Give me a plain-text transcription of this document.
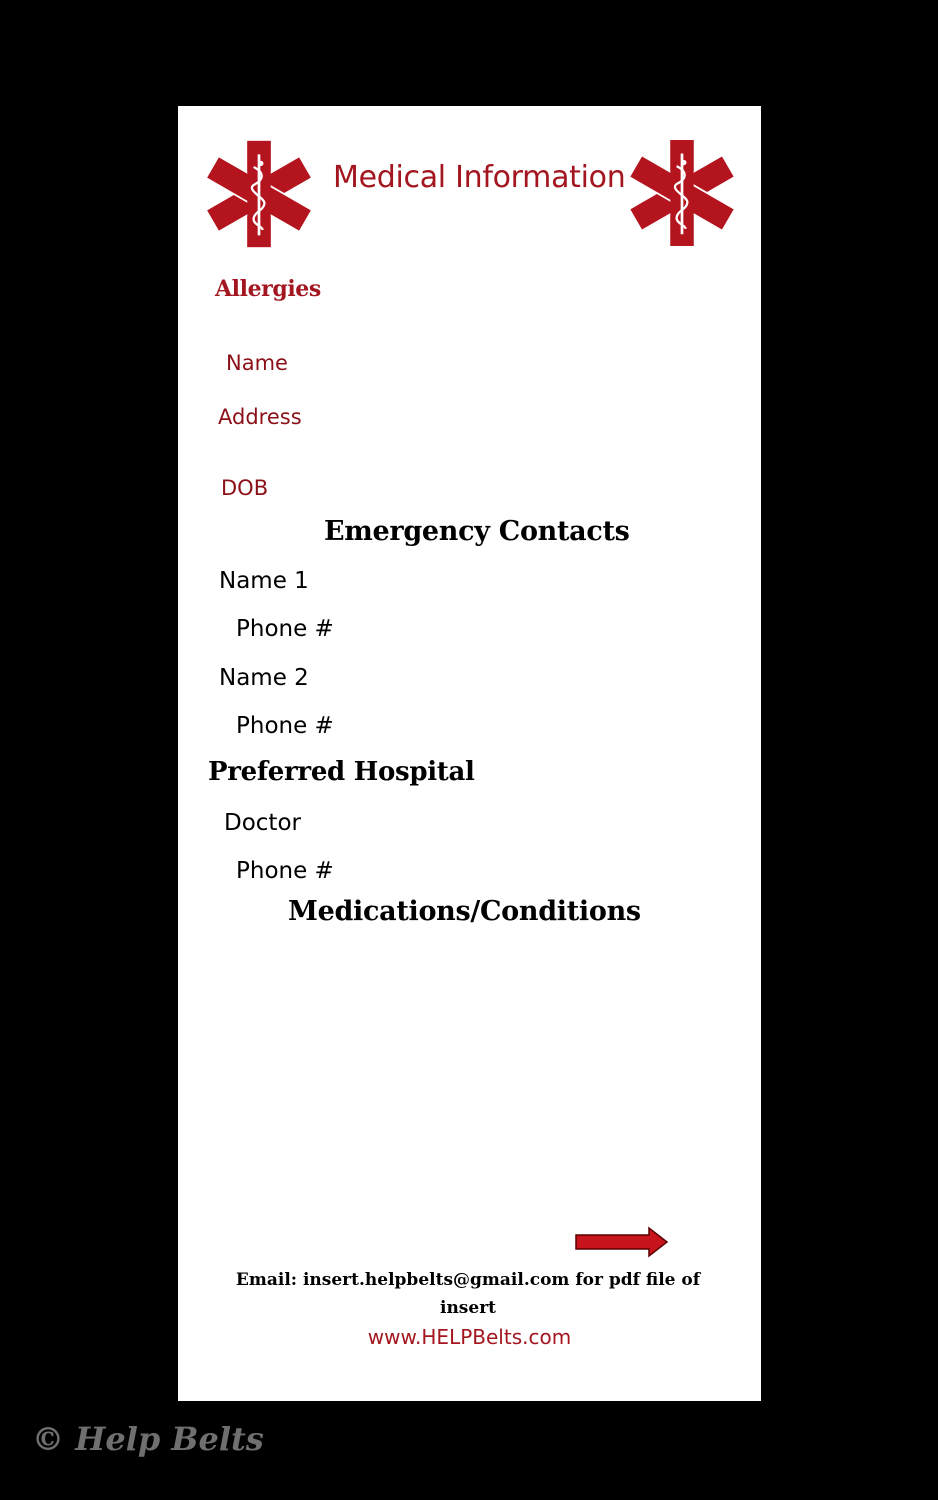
Medical Information
Allergies
Name
Address
DOB
Emergency Contacts
Name 1
Phone #
Name 2
Phone #
Preferred Hospital
Doctor
Phone #
Medications/Conditions
Email: insert.helpbelts@gmail.com for pdf file of insert
www.HELPBelts.com
© Help Belts
